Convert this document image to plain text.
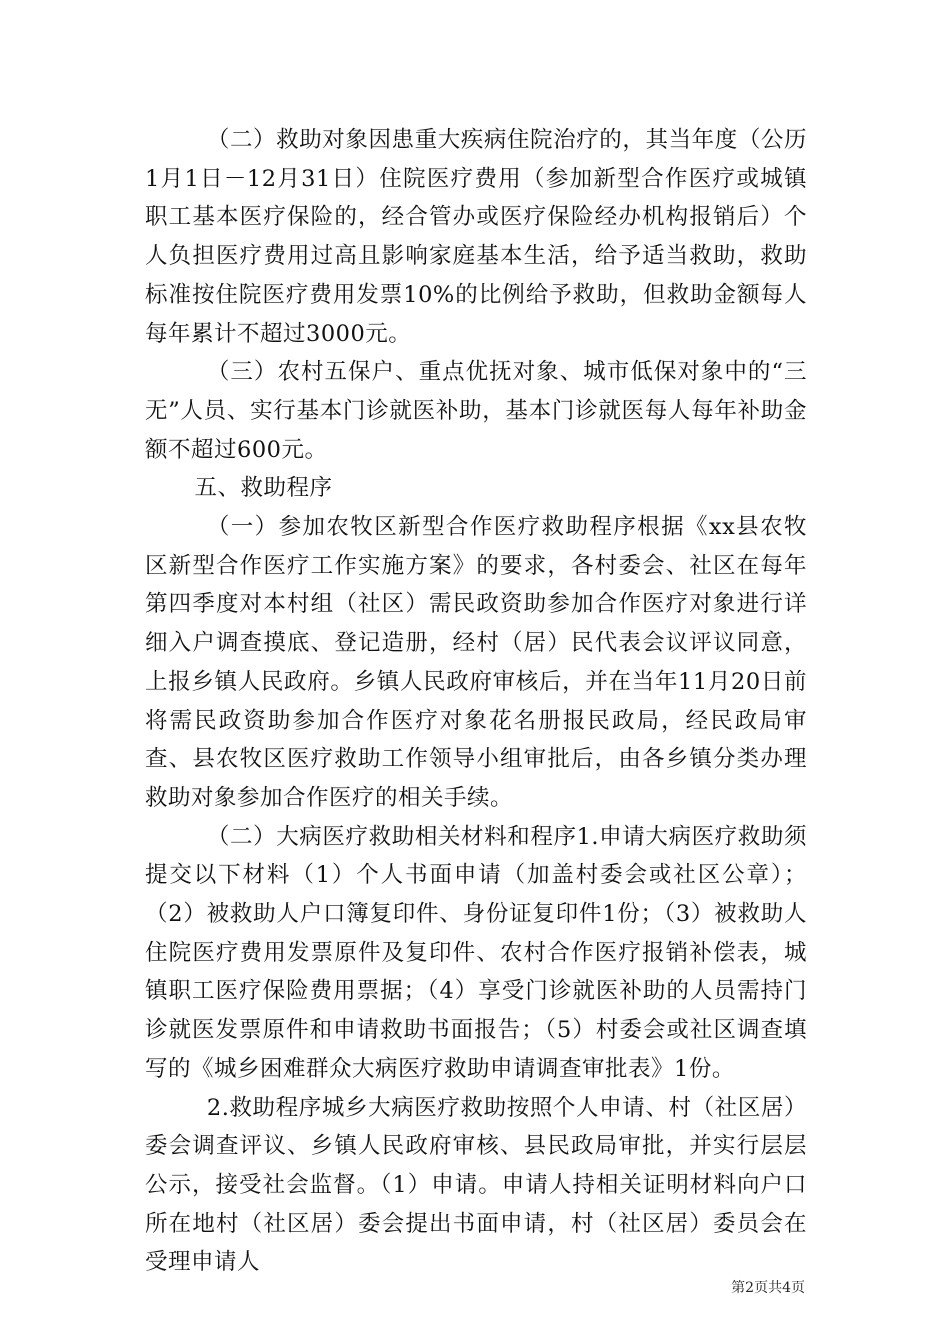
（二）救助对象因患重大疾病住院治疗的，其当年度（公历1月1日－12月31日）住院医疗费用（参加新型合作医疗或城镇职工基本医疗保险的，经合管办或医疗保险经办机构报销后）个人负担医疗费用过高且影响家庭基本生活，给予适当救助，救助标准按住院医疗费用发票10%的比例给予救助，但救助金额每人每年累计不超过3000元。

（三）农村五保户、重点优抚对象、城市低保对象中的“三无”人员、实行基本门诊就医补助，基本门诊就医每人每年补助金额不超过600元。

五、救助程序

（一）参加农牧区新型合作医疗救助程序根据《xx县农牧区新型合作医疗工作实施方案》的要求，各村委会、社区在每年第四季度对本村组（社区）需民政资助参加合作医疗对象进行详细入户调查摸底、登记造册，经村（居）民代表会议评议同意，上报乡镇人民政府。乡镇人民政府审核后，并在当年11月20日前将需民政资助参加合作医疗对象花名册报民政局，经民政局审查、县农牧区医疗救助工作领导小组审批后，由各乡镇分类办理救助对象参加合作医疗的相关手续。

（二）大病医疗救助相关材料和程序1.申请大病医疗救助须提交以下材料（1）个人书面申请（加盖村委会或社区公章）；（2）被救助人户口簿复印件、身份证复印件1份；（3）被救助人住院医疗费用发票原件及复印件、农村合作医疗报销补偿表，城镇职工医疗保险费用票据；（4）享受门诊就医补助的人员需持门诊就医发票原件和申请救助书面报告；（5）村委会或社区调查填写的《城乡困难群众大病医疗救助申请调查审批表》1份。

2.救助程序城乡大病医疗救助按照个人申请、村（社区居）委会调查评议、乡镇人民政府审核、县民政局审批，并实行层层公示，接受社会监督。（1）申请。申请人持相关证明材料向户口所在地村（社区居）委会提出书面申请，村（社区居）委员会在受理申请人

第2页共4页
